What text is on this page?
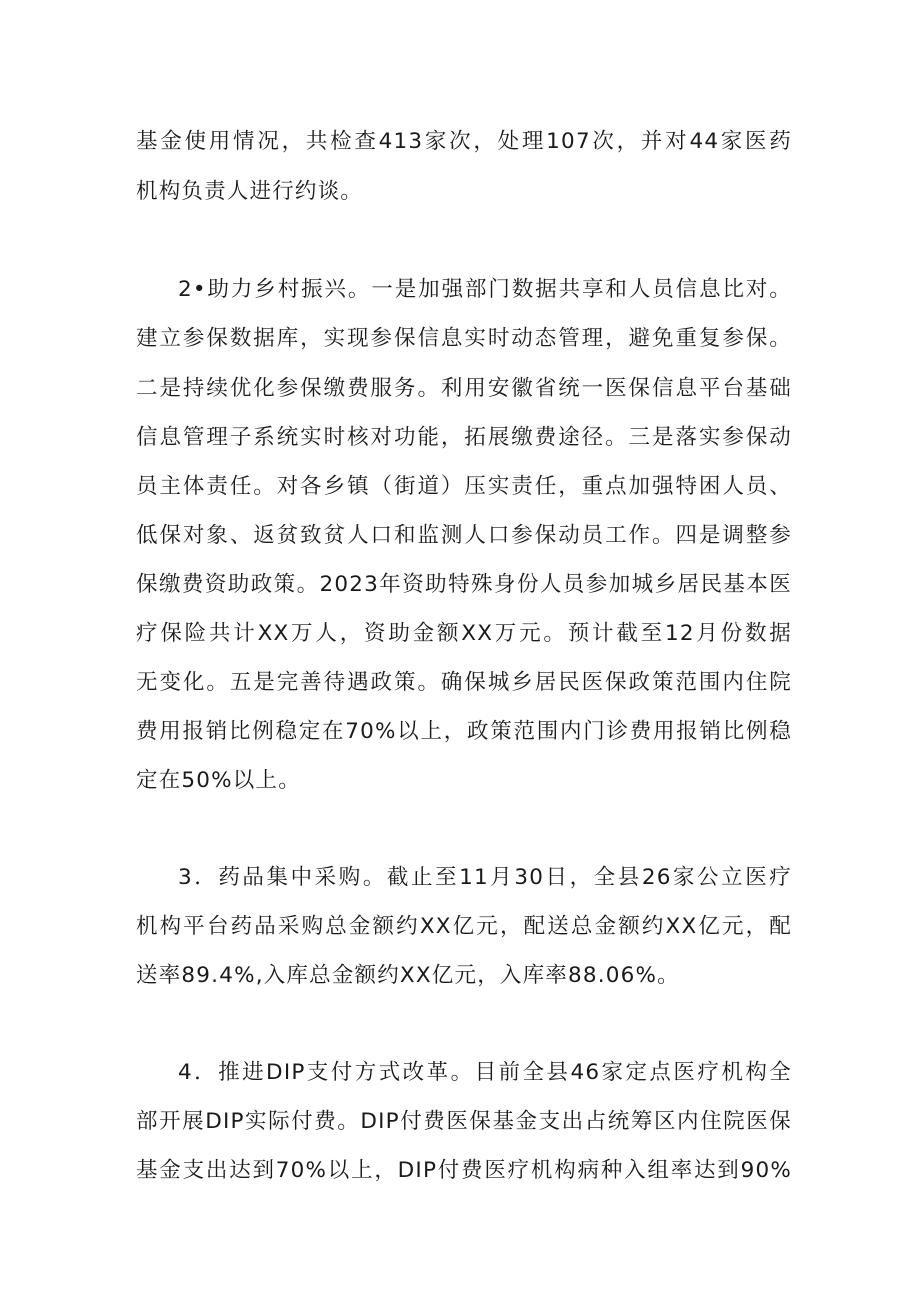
基金使用情况，共检查413家次，处理107次，并对44家医药
机构负责人进行约谈。
2•助力乡村振兴。一是加强部门数据共享和人员信息比对。
建立参保数据库，实现参保信息实时动态管理，避免重复参保。
二是持续优化参保缴费服务。利用安徽省统一医保信息平台基础
信息管理子系统实时核对功能，拓展缴费途径。三是落实参保动
员主体责任。对各乡镇（街道）压实责任，重点加强特困人员、
低保对象、返贫致贫人口和监测人口参保动员工作。四是调整参
保缴费资助政策。2023年资助特殊身份人员参加城乡居民基本医
疗保险共计XX万人，资助金额XX万元。预计截至12月份数据
无变化。五是完善待遇政策。确保城乡居民医保政策范围内住院
费用报销比例稳定在70%以上，政策范围内门诊费用报销比例稳
定在50%以上。
3．药品集中采购。截止至11月30日，全县26家公立医疗
机构平台药品采购总金额约XX亿元，配送总金额约XX亿元，配
送率89.4%,入库总金额约XX亿元，入库率88.06%。
4．推进DIP支付方式改革。目前全县46家定点医疗机构全
部开展DIP实际付费。DIP付费医保基金支出占统筹区内住院医保
基金支出达到70%以上，DIP付费医疗机构病种入组率达到90%
